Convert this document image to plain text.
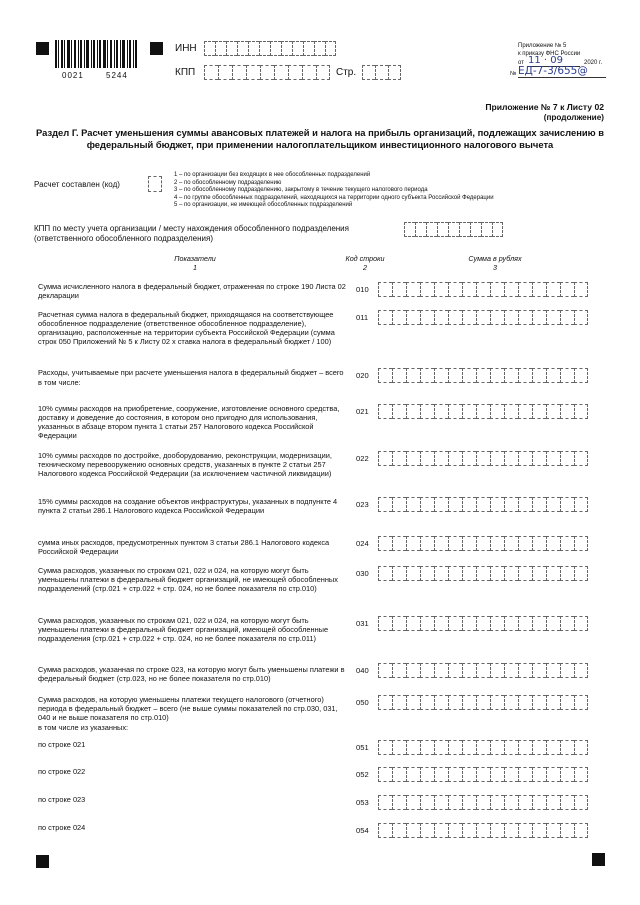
0021	5244
ИНН
КПП	Стр.
Приложение № 5
к приказу ФНС России
от 11 · 09	2020 г.
№ ЕД-7-3/655@
Приложение № 7 к Листу 02
(продолжение)
Раздел Г. Расчет уменьшения суммы авансовых платежей и налога на прибыль организаций, подлежащих зачислению в федеральный бюджет, при применении налогоплательщиком инвестиционного налогового вычета
Расчет составлен (код)
1 – по организации без входящих в нее обособленных подразделений
2 – по обособленному подразделению
3 – по обособленному подразделению, закрытому в течение текущего налогового периода
4 – по группе обособленных подразделений, находящихся на территории одного субъекта Российской Федерации
5 – по организации, не имеющей обособленных подразделений
КПП по месту учета организации / месту нахождения обособленного подразделения (ответственного обособленного подразделения)
Показатели
1
Код строки
2
Сумма в рублях
3
Сумма исчисленного налога в федеральный бюджет, отраженная по строке 190 Листа 02 декларации
010
Расчетная сумма налога в федеральный бюджет, приходящаяся на соответствующее обособленное подразделение (ответственное обособленное подразделение), организацию, расположенные на территории субъекта Российской Федерации (сумма строк 050 Приложений № 5 к Листу 02 х ставка налога в федеральный бюджет / 100)
011
Расходы, учитываемые при расчете уменьшения налога в федеральный бюджет – всего
в том числе:
020
10% суммы расходов на приобретение, сооружение, изготовление основного средства, доставку и доведение до состояния, в котором оно пригодно для использования, указанных в абзаце втором пункта 1 статьи 257 Налогового кодекса Российской Федерации
021
10% суммы расходов по достройке, дооборудованию, реконструкции, модернизации, техническому перевооружению основных средств, указанных в пункте 2 статьи 257 Налогового кодекса Российской Федерации (за исключением частичной ликвидации)
022
15% суммы расходов на создание объектов инфраструктуры, указанных в подпункте 4 пункта 2 статьи 286.1 Налогового кодекса Российской Федерации
023
сумма иных расходов, предусмотренных пунктом 3 статьи 286.1 Налогового кодекса Российской Федерации
024
Сумма расходов, указанных по строкам 021, 022 и 024, на которую могут быть уменьшены платежи в федеральный бюджет организаций, не имеющей обособленных подразделений (стр.021 + стр.022 + стр. 024, но не более показателя по стр.010)
030
Сумма расходов, указанных по строкам 021, 022 и 024, на которую могут быть уменьшены платежи в федеральный бюджет организаций, имеющей обособленные подразделения (стр.021 + стр.022 + стр. 024, но не более показателя по стр.011)
031
Сумма расходов, указанная по строке 023, на которую могут быть уменьшены платежи в федеральный бюджет (стр.023, но не более показателя по стр.010)
040
Сумма расходов, на которую уменьшены платежи текущего налогового (отчетного) периода в федеральный бюджет – всего (не выше суммы показателей по стр.030, 031, 040 и не выше показателя по стр.010)
в том числе из указанных:
050
по строке 021	051
по строке 022	052
по строке 023	053
по строке 024	054
